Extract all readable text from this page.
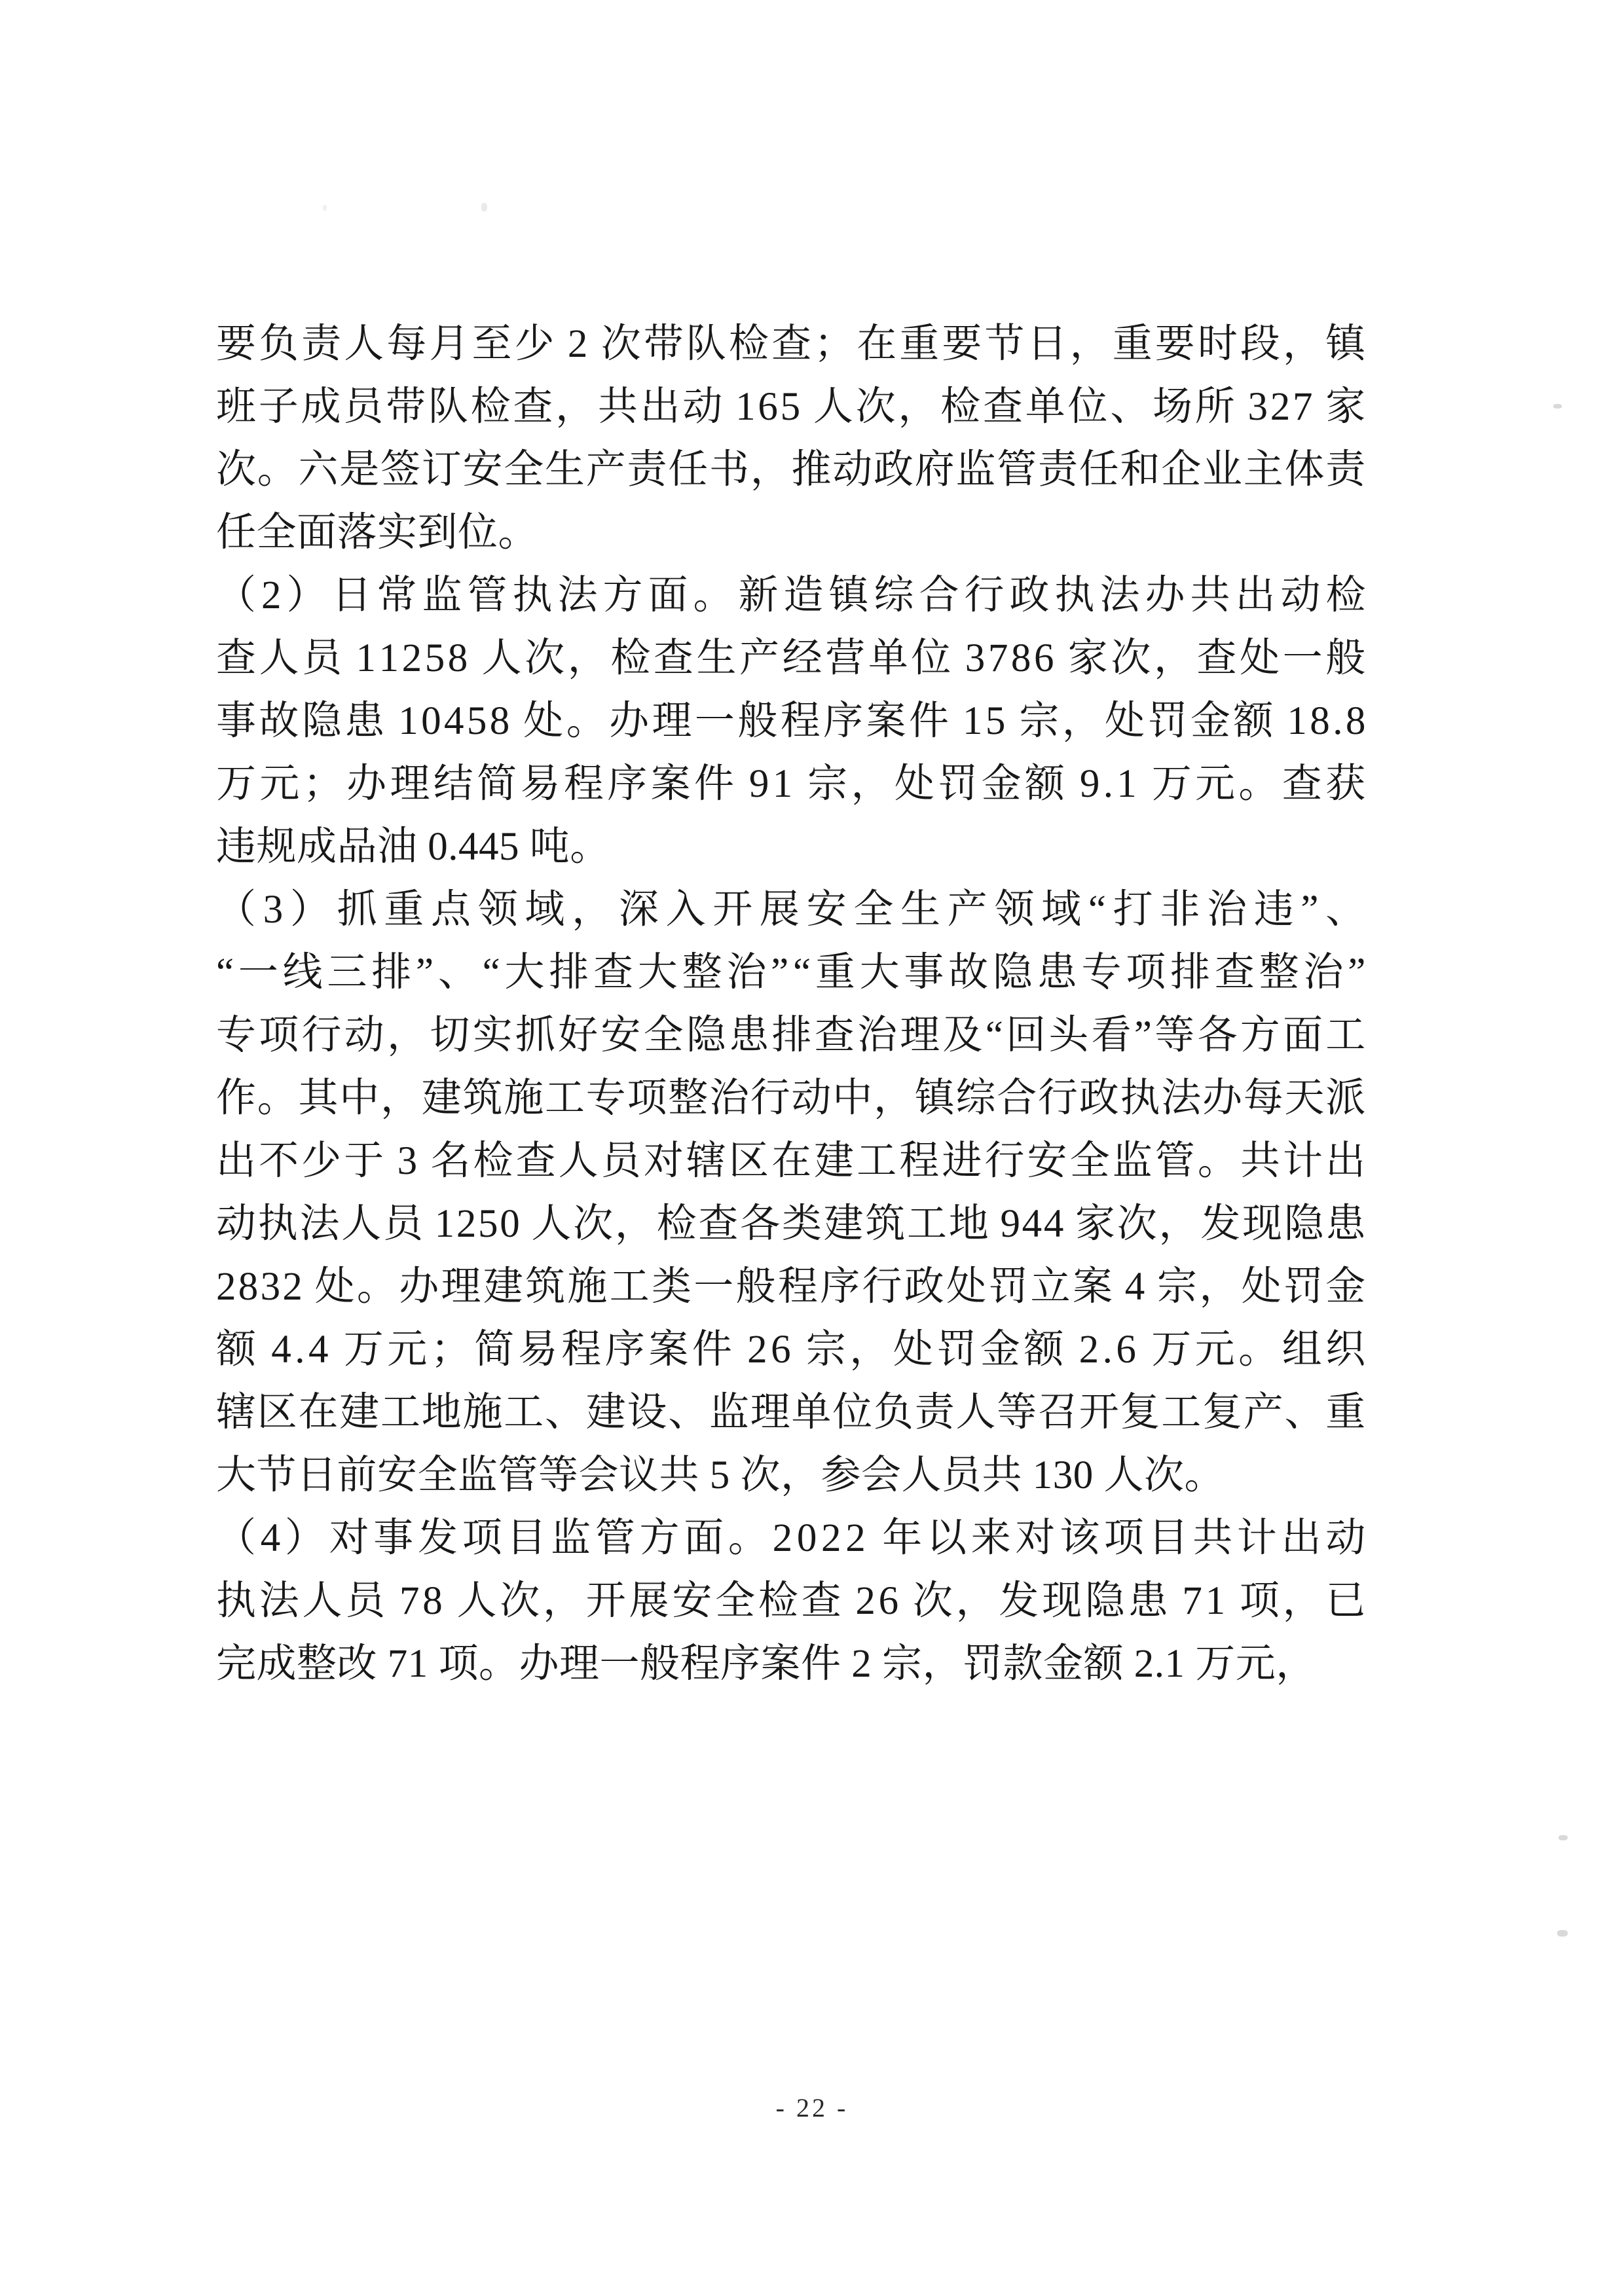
要 负 责 人 每 月 至 少
  2
  次 带 队 检 查 ； 在 重 要 节 日 ， 重 要 时 段 ， 镇
班 子 成 员 带 队 检 查 ， 共 出 动
  1 6 5
  人 次 ， 检 查 单 位 、 场 所
  3 2 7
  家
次 。 六 是 签 订 安 全 生 产 责 任 书 ， 推 动 政 府 监 管 责 任 和 企 业 主 体 责
任全面落实到位。
（ 2 ） 日 常 监 管 执 法 方 面 。 新 造 镇 综 合 行 政 执 法 办 共 出 动 检
查 人 员
  1 1 2 5 8
  人 次 ， 检 查 生 产 经 营 单 位
  3 7 8 6
  家 次 ， 查 处 一 般
事 故 隐 患
  1 0 4 5 8
  处 。 办 理 一 般 程 序 案 件
  1 5
  宗 ， 处 罚 金 额
  1 8 . 8
万 元 ； 办 理 结 简 易 程 序 案 件
  9 1
  宗 ， 处 罚 金 额
  9 . 1
  万 元 。 查 获
违规成品油 0.445 吨。
（ 3 ） 抓 重 点 领 域 ， 深 入 开 展 安 全 生 产 领 域 “ 打 非 治 违 ” 、
“ 一 线 三 排 ” 、 “ 大 排 查 大 整 治 ” “ 重 大 事 故 隐 患 专 项 排 查 整 治 ”
专 项 行 动 ， 切 实 抓 好 安 全 隐 患 排 查 治 理 及 “ 回 头 看 ” 等 各 方 面 工
作 。 其 中 ， 建 筑 施 工 专 项 整 治 行 动 中 ， 镇 综 合 行 政 执 法 办 每 天 派
出 不 少 于
  3
  名 检 查 人 员 对 辖 区 在 建 工 程 进 行 安 全 监 管 。 共 计 出
动 执 法 人 员
  1 2 5 0
  人 次 ， 检 查 各 类 建 筑 工 地
  9 4 4
  家 次 ， 发 现 隐 患
2 8 3 2
  处 。 办 理 建 筑 施 工 类 一 般 程 序 行 政 处 罚 立 案
  4
  宗 ， 处 罚 金
额
  4 . 4
  万 元 ； 简 易 程 序 案 件
  2 6
  宗 ， 处 罚 金 额
  2 . 6
  万 元 。 组 织
辖 区 在 建 工 地 施 工 、 建 设 、 监 理 单 位 负 责 人 等 召 开 复 工 复 产 、 重
大节日前安全监管等会议共 5 次，参会人员共 130 人次。
（ 4 ） 对 事 发 项 目 监 管 方 面 。 2 0 2 2
  年 以 来 对 该 项 目 共 计 出 动
执 法 人 员
  7 8
  人 次 ， 开 展 安 全 检 查
  2 6
  次 ， 发 现 隐 患
  7 1
  项 ， 已
完成整改 71 项。办理一般程序案件 2 宗，罚款金额 2.1 万元，
- 22 -
